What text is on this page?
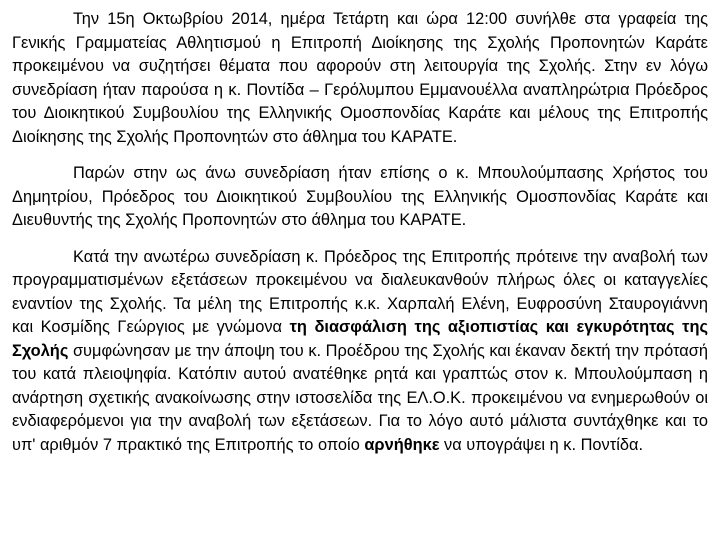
Την 15η Οκτωβρίου 2014, ημέρα Τετάρτη και ώρα 12:00 συνήλθε στα γραφεία της Γενικής Γραμματείας Αθλητισμού η Επιτροπή Διοίκησης της Σχολής Προπονητών Καράτε προκειμένου να συζητήσει θέματα που αφορούν στη λειτουργία της Σχολής. Στην εν λόγω συνεδρίαση ήταν παρούσα η κ. Ποντίδα – Γερόλυμπου Εμμανουέλλα αναπληρώτρια Πρόεδρος του Διοικητικού Συμβουλίου της Ελληνικής Ομοσπονδίας Καράτε και μέλους της Επιτροπής Διοίκησης της Σχολής Προπονητών στο άθλημα του ΚΑΡΑΤΕ.

Παρών στην ως άνω συνεδρίαση ήταν επίσης ο κ. Μπουλούμπασης Χρήστος του Δημητρίου, Πρόεδρος του Διοικητικού Συμβουλίου της Ελληνικής Ομοσπονδίας Καράτε και Διευθυντής της Σχολής Προπονητών στο άθλημα του ΚΑΡΑΤΕ.

Κατά την ανωτέρω συνεδρίαση κ. Πρόεδρος της Επιτροπής πρότεινε την αναβολή των προγραμματισμένων εξετάσεων προκειμένου να διαλευκανθούν πλήρως όλες οι καταγγελίες εναντίον της Σχολής. Τα μέλη της Επιτροπής κ.κ. Χαρπαλή Ελένη, Ευφροσύνη Σταυρογιάννη και Κοσμίδης Γεώργιος με γνώμονα τη διασφάλιση της αξιοπιστίας και εγκυρότητας της Σχολής συμφώνησαν με την άποψη του κ. Προέδρου της Σχολής και έκαναν δεκτή την πρότασή του κατά πλειοψηφία. Κατόπιν αυτού ανατέθηκε ρητά και γραπτώς στον κ. Μπουλούμπαση η ανάρτηση σχετικής ανακοίνωσης στην ιστοσελίδα της ΕΛ.Ο.Κ. προκειμένου να ενημερωθούν οι ενδιαφερόμενοι για την αναβολή των εξετάσεων. Για το λόγο αυτό μάλιστα συντάχθηκε και το υπ' αριθμόν 7 πρακτικό της Επιτροπής το οποίο αρνήθηκε να υπογράψει η κ. Ποντίδα.
